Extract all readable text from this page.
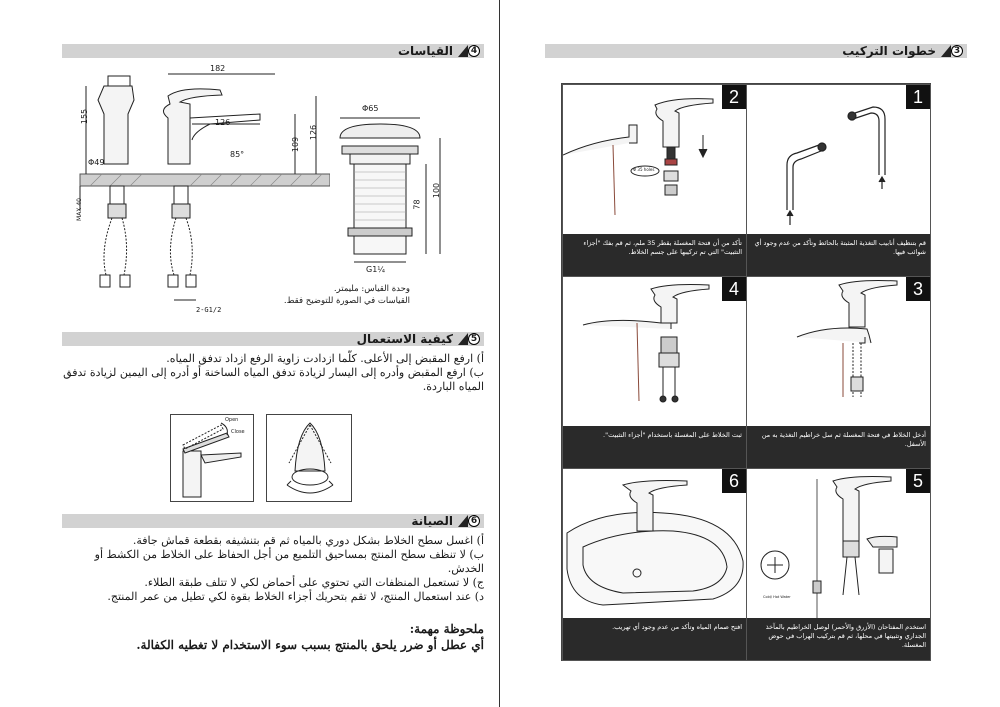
4
القياسات
182
126
155
109
126
Φ49
85°
MAX 40
2-G1/2
Φ65
78
100
G1¼
وحدة القياس: مليمتر.
القياسات في الصورة للتوضيح فقط.
5
كيفية الاستعمال
أ) ارفع المقبض إلى الأعلى. كلّما ازدادت زاوية الرفع ازداد تدفق المياه.
ب) ارفع المقبض وأدره إلى اليسار لزيادة تدفق المياه الساخنة أو أدره إلى اليمين لزيادة تدفق المياه الباردة.
Open
Close
6
الصيانة
أ) اغسل سطح الخلاط بشكل دوري بالمياه ثم قم بتنشيفه بقطعة قماش جافة.
ب) لا تنظف سطح المنتج بمساحيق التلميع من أجل الحفاظ على الخلاط من الكشط أو الخدش.
ج) لا تستعمل المنظفات التي تحتوي على أحماض لكي لا تتلف طبقة الطلاء.
د) عند استعمال المنتج، لا تقم بتحريك أجزاء الخلاط بقوة لكي تطيل من عمر المنتج.
ملحوظة مهمة:
أي عطل أو ضرر يلحق بالمنتج بسبب سوء الاستخدام لا تغطيه الكفالة.
3
خطوات التركيب
1
قم بتنظيف أنابيب التغذية المثبتة بالحائط وتأكد من عدم وجود أي شوائب فيها.
Φ 35 holes
2
تأكد من أن فتحة المغسلة بقطر 35 ملم، ثم قم بفك "أجزاء التثبيت" التي تم تركيبها على جسم الخلاط.
3
أدخل الخلاط في فتحة المغسلة ثم سل خراطيم التغذية به من الأسفل.
4
ثبت الخلاط على المغسلة باستخدام "أجزاء التثبيت".
Cold/ Hot Water
5
استخدم المفتاحان (الأزرق والأحمر) لوصل الخراطيم بالمآخذ الجداري وتثبيتها في محلها، ثم قم بتركيب الهراب في حوض المغسلة.
6
افتح صمام المياه وتأكد من عدم وجود أي تهريب.
